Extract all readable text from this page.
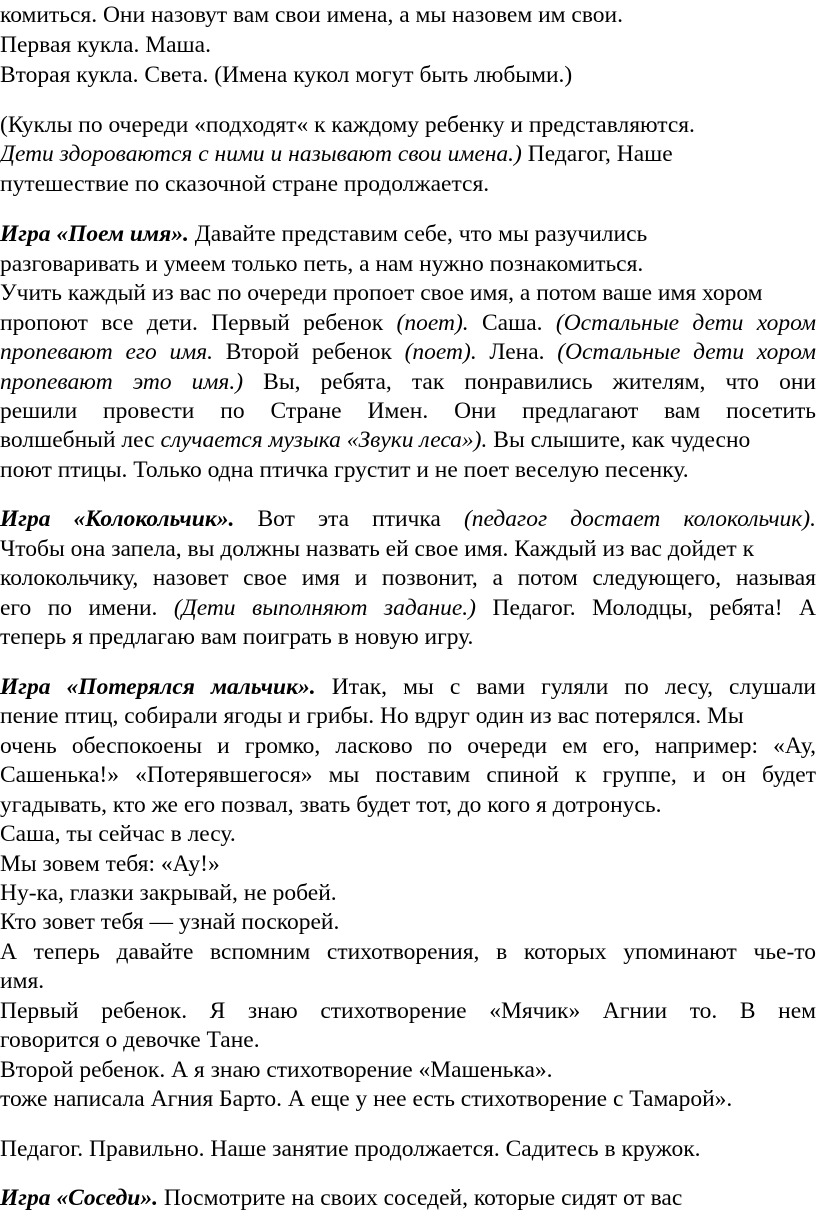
комиться. Они назовут вам свои имена, а мы назовем им свои.
Первая кукла. Маша.
Вторая кукла. Света. (Имена кукол могут быть любыми.)
(Куклы по очереди «подходят« к каждому ребенку и представляются.
Дети здороваются с ними и называют свои имена.) Педагог, Наше
путешествие по сказочной стране продолжается.
Игра «Поем имя». Давайте представим себе, что мы разучились
разговаривать и умеем только петь, а нам нужно познакомиться.
Учить каждый из вас по очереди пропоет свое имя, а потом ваше имя хором
пропоют все дети. Первый ребенок (поет). Саша. (Остальные дети хором
пропевают его имя. Второй ребенок (поет). Лена. (Остальные дети хором
пропевают это имя.) Вы, ребята, так понравились жителям, что они
решили провести по Стране Имен. Они предлагают вам посетить
волшебный лес случается музыка «Звуки леса»). Вы слышите, как чудесно
поют птицы. Только одна птичка грустит и не поет веселую песенку.
Игра «Колокольчик». Вот эта птичка (педагог достает колокольчик).
Чтобы она запела, вы должны назвать ей свое имя. Каждый из вас дойдет к
колокольчику, назовет свое имя и позвонит, а потом следующего, называя
его по имени. (Дети выполняют задание.) Педагог. Молодцы, ребята! А
теперь я предлагаю вам поиграть в новую игру.
Игра «Потерялся мальчик». Итак, мы с вами гуляли по лесу, слушали
пение птиц, собирали ягоды и грибы. Но вдруг один из вас потерялся. Мы
очень обеспокоены и громко, ласково по очереди ем его, например: «Ау,
Сашенька!» «Потерявшегося» мы поставим спиной к группе, и он будет
угадывать, кто же его позвал, звать будет тот, до кого я дотронусь.
Саша, ты сейчас в лесу.
Мы зовем тебя: «Ау!»
Ну-ка, глазки закрывай, не робей.
Кто зовет тебя — узнай поскорей.
А теперь давайте вспомним стихотворения, в которых упоминают чье-то
имя.
Первый ребенок. Я знаю стихотворение «Мячик» Агнии то. В нем
говорится о девочке Тане.
Второй ребенок. А я знаю стихотворение «Машенька».
тоже написала Агния Барто. А еще у нее есть стихотворение с Тамарой».
Педагог. Правильно. Наше занятие продолжается. Садитесь в кружок.
Игра «Соседи». Посмотрите на своих соседей, которые сидят от вас
